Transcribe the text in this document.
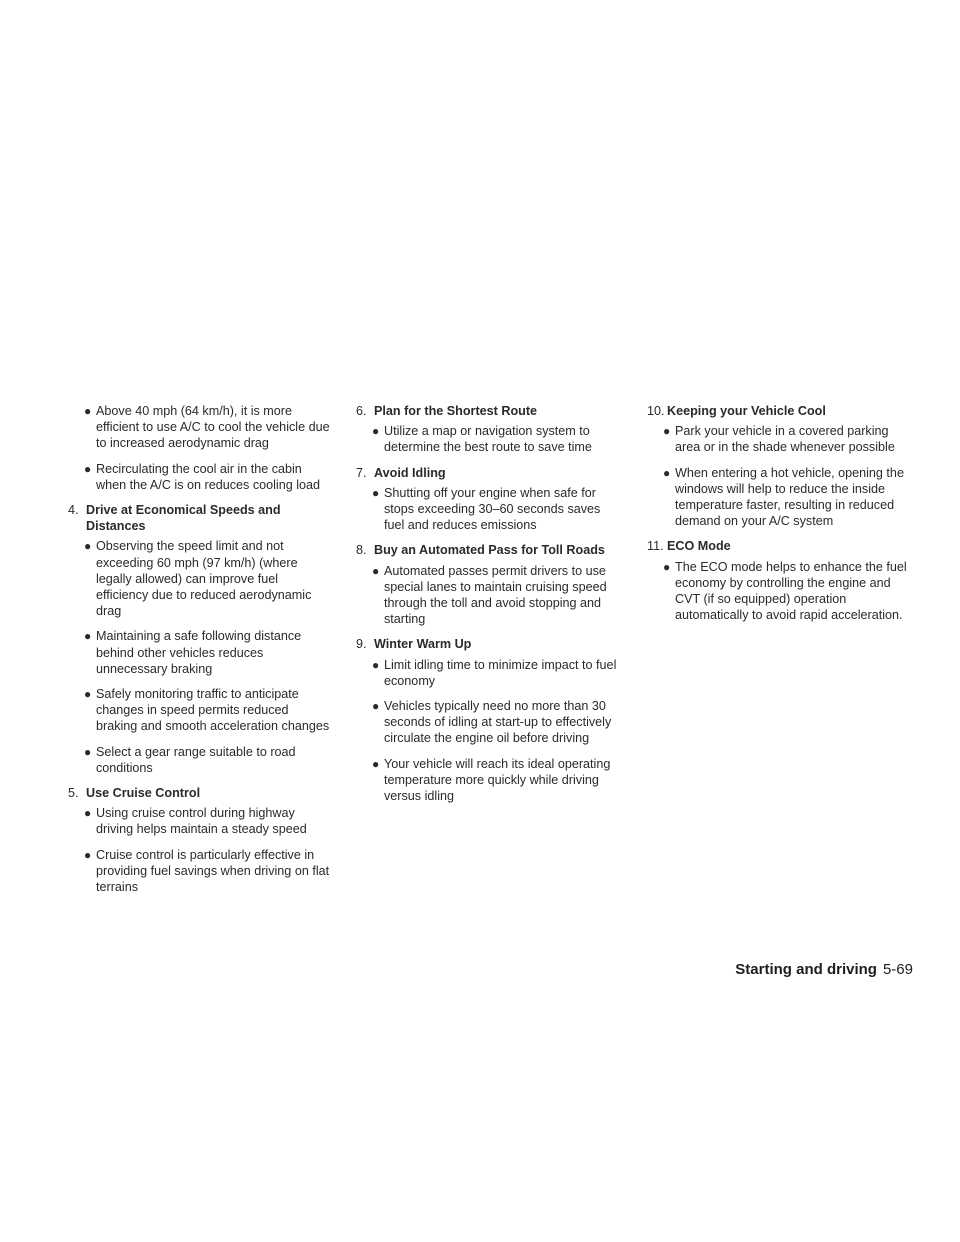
● Above 40 mph (64 km/h), it is more efficient to use A/C to cool the vehicle due to increased aerodynamic drag
● Recirculating the cool air in the cabin when the A/C is on reduces cooling load
4. Drive at Economical Speeds and Distances
● Observing the speed limit and not exceeding 60 mph (97 km/h) (where legally allowed) can improve fuel efficiency due to reduced aerodynamic drag
● Maintaining a safe following distance behind other vehicles reduces unnecessary braking
● Safely monitoring traffic to anticipate changes in speed permits reduced braking and smooth acceleration changes
● Select a gear range suitable to road conditions
5. Use Cruise Control
● Using cruise control during highway driving helps maintain a steady speed
● Cruise control is particularly effective in providing fuel savings when driving on flat terrains
6. Plan for the Shortest Route
● Utilize a map or navigation system to determine the best route to save time
7. Avoid Idling
● Shutting off your engine when safe for stops exceeding 30–60 seconds saves fuel and reduces emissions
8. Buy an Automated Pass for Toll Roads
● Automated passes permit drivers to use special lanes to maintain cruising speed through the toll and avoid stopping and starting
9. Winter Warm Up
● Limit idling time to minimize impact to fuel economy
● Vehicles typically need no more than 30 seconds of idling at start-up to effectively circulate the engine oil before driving
● Your vehicle will reach its ideal operating temperature more quickly while driving versus idling
10. Keeping your Vehicle Cool
● Park your vehicle in a covered parking area or in the shade whenever possible
● When entering a hot vehicle, opening the windows will help to reduce the inside temperature faster, resulting in reduced demand on your A/C system
11. ECO Mode
● The ECO mode helps to enhance the fuel economy by controlling the engine and CVT (if so equipped) operation automatically to avoid rapid acceleration.
Starting and driving 5-69
